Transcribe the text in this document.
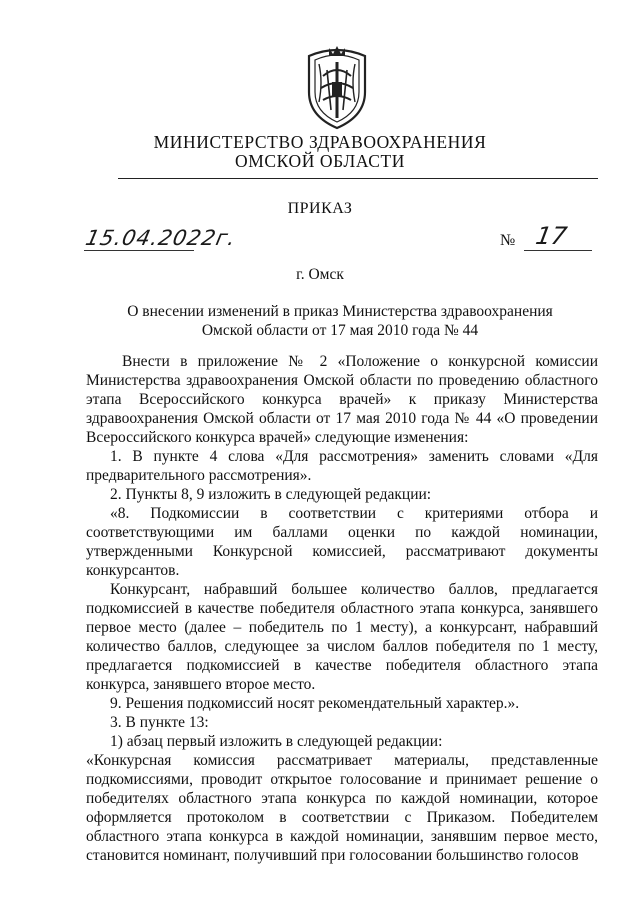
МИНИСТЕРСТВО ЗДРАВООХРАНЕНИЯ
ОМСКОЙ ОБЛАСТИ
ПРИКАЗ
15.04.2022г.	№ 17
г. Омск
О внесении изменений в приказ Министерства здравоохранения
Омской области от 17 мая 2010 года № 44

Внести в приложение № 2 «Положение о конкурсной комиссии Министерства здравоохранения Омской области по проведению областного этапа Всероссийского конкурса врачей» к приказу Министерства здравоохранения Омской области от 17 мая 2010 года № 44 «О проведении Всероссийского конкурса врачей» следующие изменения:

1. В пункте 4 слова «Для рассмотрения» заменить словами «Для предварительного рассмотрения».

2. Пункты 8, 9 изложить в следующей редакции:

«8. Подкомиссии в соответствии с критериями отбора и соответствующими им баллами оценки по каждой номинации, утвержденными Конкурсной комиссией, рассматривают документы конкурсантов.

Конкурсант, набравший большее количество баллов, предлагается подкомиссией в качестве победителя областного этапа конкурса, занявшего первое место (далее – победитель по 1 месту), а конкурсант, набравший количество баллов, следующее за числом баллов победителя по 1 месту, предлагается подкомиссией в качестве победителя областного этапа конкурса, занявшего второе место.

9. Решения подкомиссий носят рекомендательный характер.».

3. В пункте 13:

1) абзац первый изложить в следующей редакции:

«Конкурсная комиссия рассматривает материалы, представленные подкомиссиями, проводит открытое голосование и принимает решение о победителях областного этапа конкурса по каждой номинации, которое оформляется протоколом в соответствии с Приказом. Победителем областного этапа конкурса в каждой номинации, занявшим первое место, становится номинант, получивший при голосовании большинство голосов
